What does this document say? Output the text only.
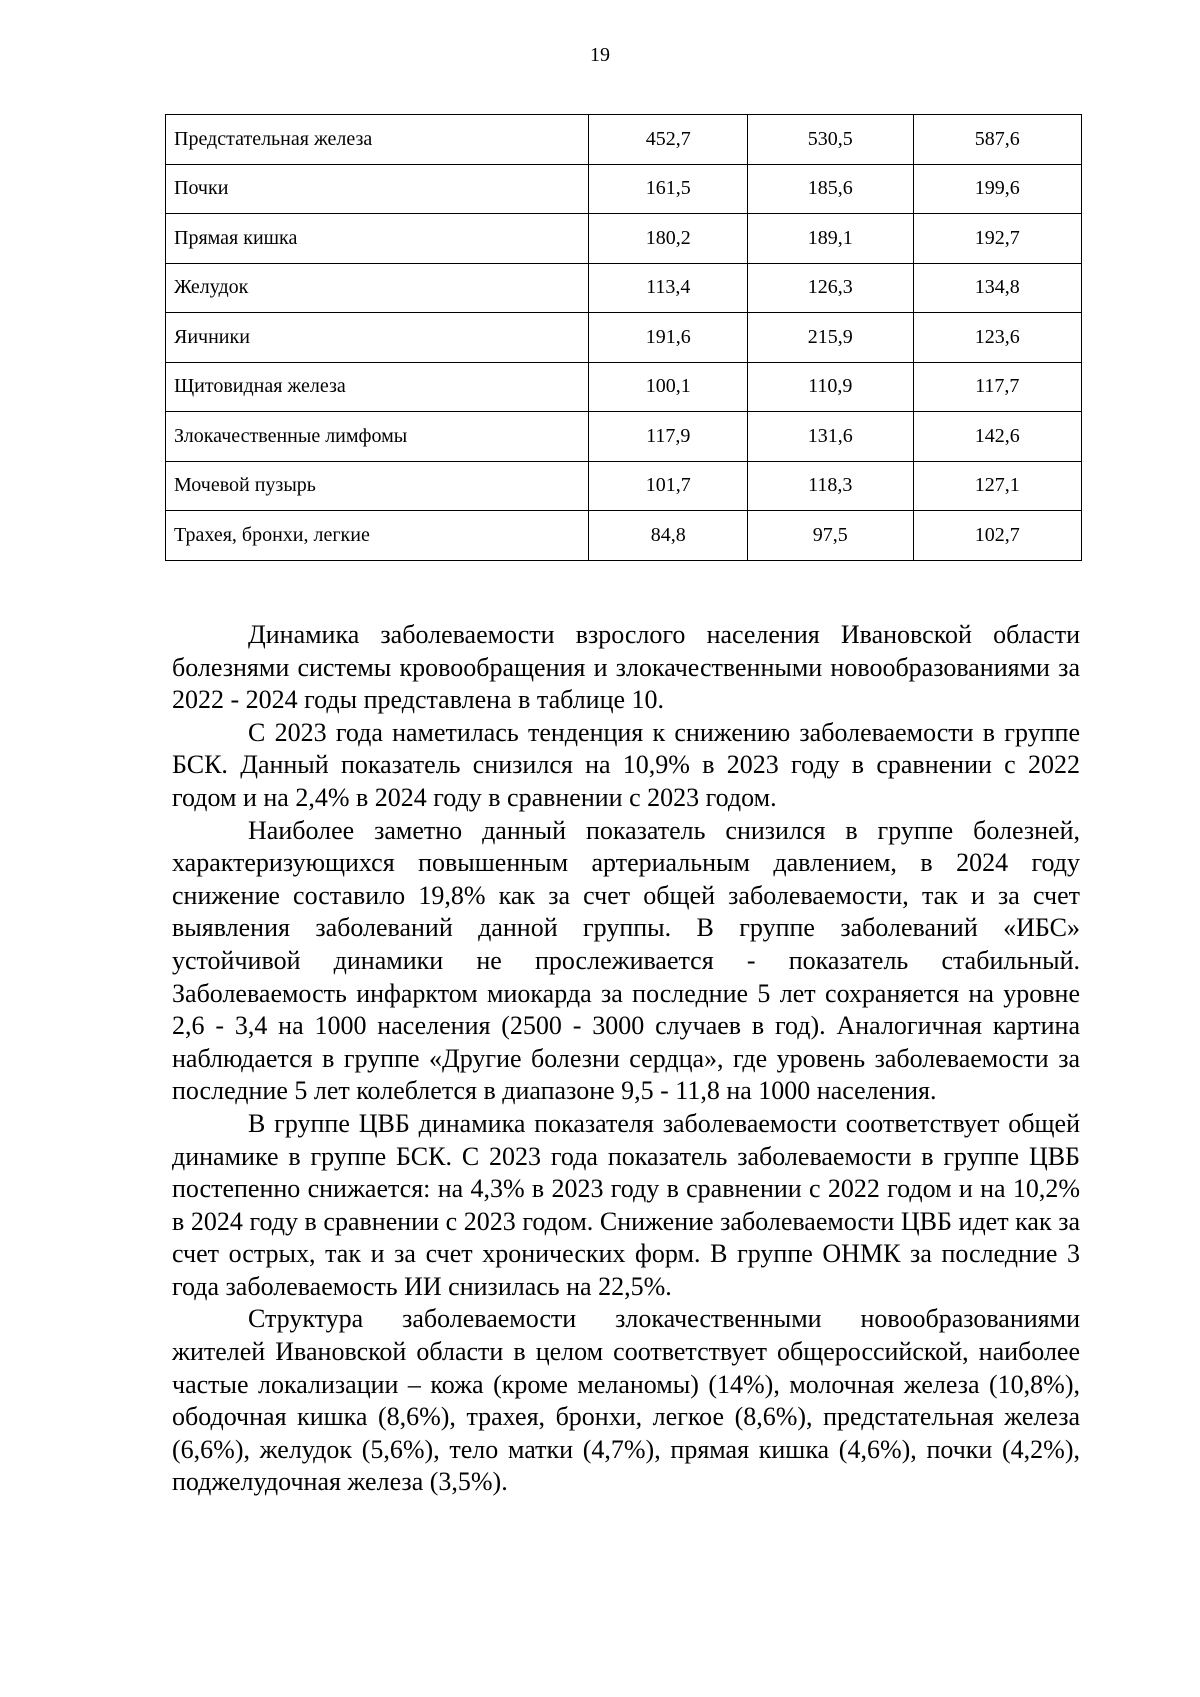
19
Предстательная железа	452,7	530,5	587,6
Почки	161,5	185,6	199,6
Прямая кишка	180,2	189,1	192,7
Желудок	113,4	126,3	134,8
Яичники	191,6	215,9	123,6
Щитовидная железа	100,1	110,9	117,7
Злокачественные лимфомы	117,9	131,6	142,6
Мочевой пузырь	101,7	118,3	127,1
Трахея, бронхи, легкие	84,8	97,5	102,7

Динамика заболеваемости взрослого населения Ивановской области болезнями системы кровообращения и злокачественными новообразованиями за 2022 - 2024 годы представлена в таблице 10.

С 2023 года наметилась тенденция к снижению заболеваемости в группе БСК. Данный показатель снизился на 10,9% в 2023 году в сравнении с 2022 годом и на 2,4% в 2024 году в сравнении с 2023 годом.

Наиболее заметно данный показатель снизился в группе болезней, характеризующихся повышенным артериальным давлением, в 2024 году снижение составило 19,8% как за счет общей заболеваемости, так и за счет выявления заболеваний данной группы. В группе заболеваний «ИБС» устойчивой динамики не прослеживается - показатель стабильный. Заболеваемость инфарктом миокарда за последние 5 лет сохраняется на уровне 2,6 - 3,4 на 1000 населения (2500 - 3000 случаев в год). Аналогичная картина наблюдается в группе «Другие болезни сердца», где уровень заболеваемости за последние 5 лет колеблется в диапазоне 9,5 - 11,8 на 1000 населения.

В группе ЦВБ динамика показателя заболеваемости соответствует общей динамике в группе БСК. С 2023 года показатель заболеваемости в группе ЦВБ постепенно снижается: на 4,3% в 2023 году в сравнении с 2022 годом и на 10,2% в 2024 году в сравнении с 2023 годом. Снижение заболеваемости ЦВБ идет как за счет острых, так и за счет хронических форм. В группе ОНМК за последние 3 года заболеваемость ИИ снизилась на 22,5%.

Структура заболеваемости злокачественными новообразованиями жителей Ивановской области в целом соответствует общероссийской, наиболее частые локализации – кожа (кроме меланомы) (14%), молочная железа (10,8%), ободочная кишка (8,6%), трахея, бронхи, легкое (8,6%), предстательная железа (6,6%), желудок (5,6%), тело матки (4,7%), прямая кишка (4,6%), почки (4,2%), поджелудочная железа (3,5%).
